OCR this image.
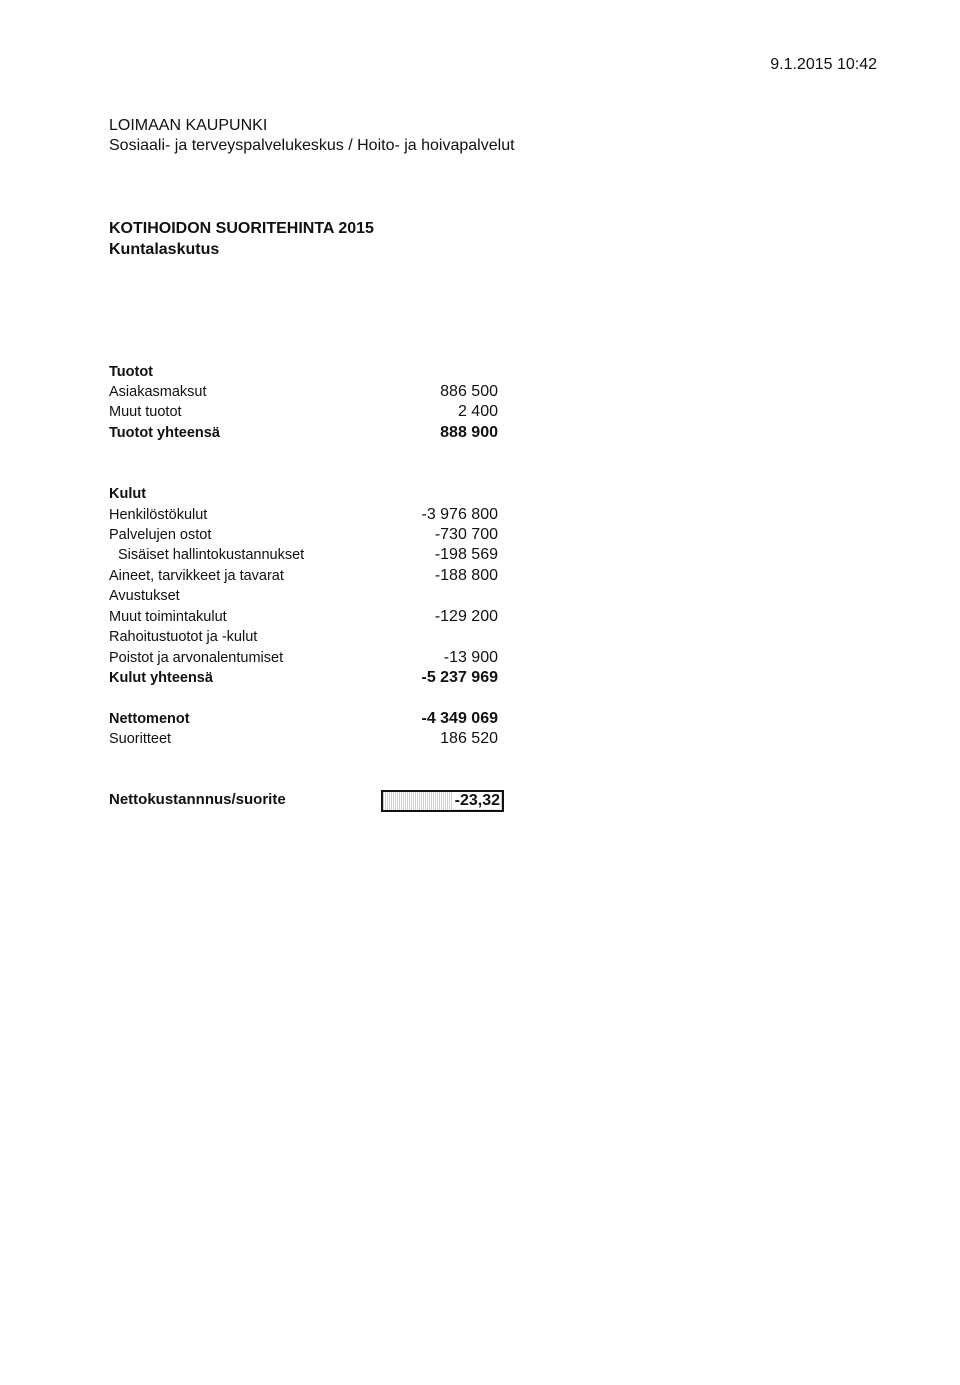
9.1.2015 10:42
LOIMAAN KAUPUNKI
Sosiaali- ja terveyspalvelukeskus / Hoito- ja hoivapalvelut
KOTIHOIDON SUORITEHINTA 2015
Kuntalaskutus
Tuotot
Asiakasmaksut	886 500
Muut tuotot	2 400
Tuotot yhteensä	888 900
Kulut
Henkilöstökulut	-3 976 800
Palvelujen ostot	-730 700
Sisäiset hallintokustannukset	-198 569
Aineet, tarvikkeet ja tavarat	-188 800
Avustukset
Muut toimintakulut	-129 200
Rahoitustuotot ja -kulut
Poistot ja arvonalentumiset	-13 900
Kulut yhteensä	-5 237 969
Nettomenot	-4 349 069
Suoritteet	186 520
Nettokustannnus/suorite	-23,32
